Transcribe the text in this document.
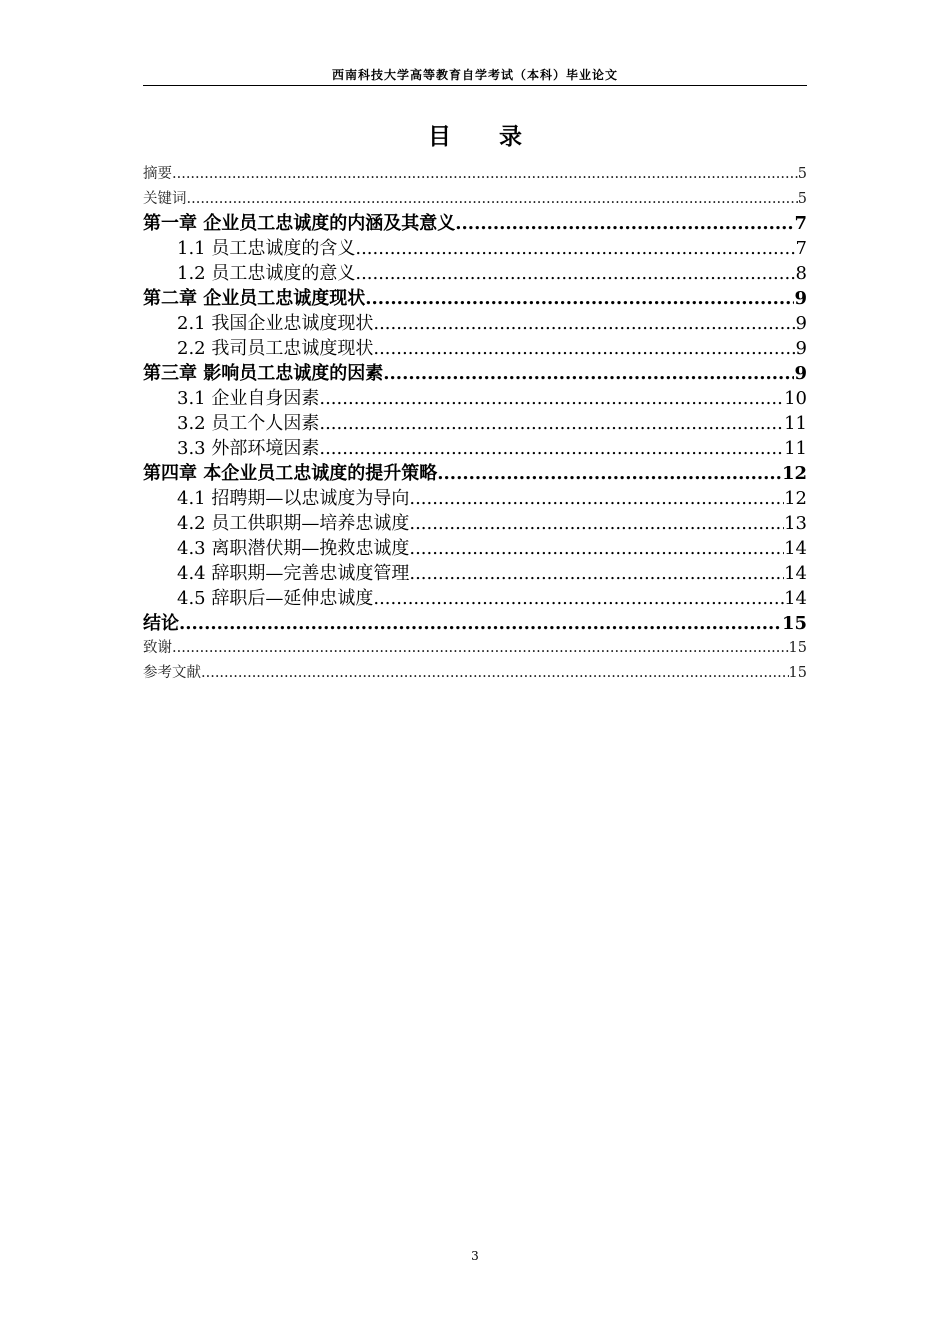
西南科技大学高等教育自学考试（本科）毕业论文
目录
摘要 .....	5
关键词 .....	5
第一章 企业员工忠诚度的内涵及其意义 .....	7
1.1 员工忠诚度的含义 .....	7
1.2 员工忠诚度的意义 .....	8
第二章 企业员工忠诚度现状 .....	9
2.1 我国企业忠诚度现状 .....	9
2.2 我司员工忠诚度现状 .....	9
第三章 影响员工忠诚度的因素 .....	9
3.1 企业自身因素 .....	10
3.2 员工个人因素 .....	11
3.3 外部环境因素 .....	11
第四章 本企业员工忠诚度的提升策略 .....	12
4.1 招聘期—以忠诚度为导向 .....	12
4.2 员工供职期—培养忠诚度 .....	13
4.3 离职潜伏期—挽救忠诚度 .....	14
4.4 辞职期—完善忠诚度管理 .....	14
4.5 辞职后—延伸忠诚度 .....	14
结论 .....	15
致谢 .....	15
参考文献 .....	15
3
